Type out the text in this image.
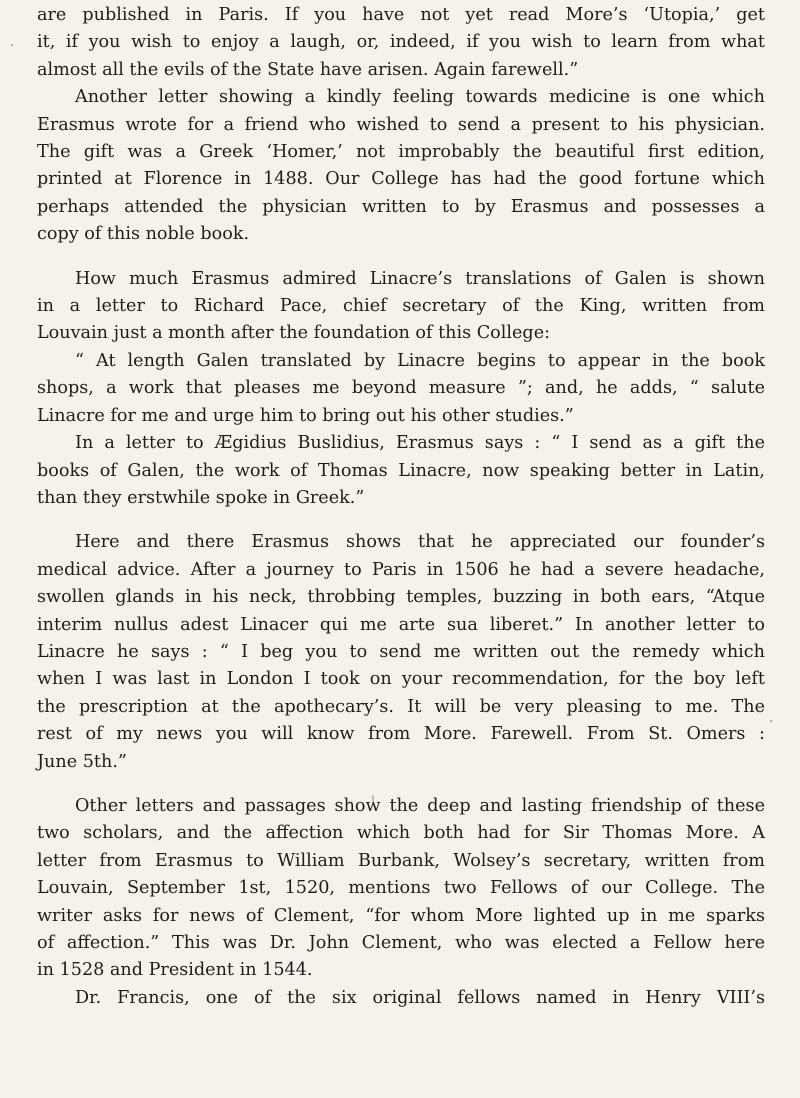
are published in Paris. If you have not yet read More’s ‘Utopia,’ get

it, if you wish to enjoy a laugh, or, indeed, if you wish to learn from what

almost all the evils of the State have arisen. Again farewell.”

Another letter showing a kindly feeling towards medicine is one which

Erasmus wrote for a friend who wished to send a present to his physician.

The gift was a Greek ‘Homer,’ not improbably the beautiful first edition,

printed at Florence in 1488. Our College has had the good fortune which

perhaps attended the physician written to by Erasmus and possesses a

copy of this noble book.

How much Erasmus admired Linacre’s translations of Galen is shown

in a letter to Richard Pace, chief secretary of the King, written from

Louvain just a month after the foundation of this College:

“ At length Galen translated by Linacre begins to appear in the book

shops, a work that pleases me beyond measure ”; and, he adds, “ salute

Linacre for me and urge him to bring out his other studies.”

In a letter to Ægidius Buslidius, Erasmus says : “ I send as a gift the

books of Galen, the work of Thomas Linacre, now speaking better in Latin,

than they erstwhile spoke in Greek.”

Here and there Erasmus shows that he appreciated our founder’s

medical advice. After a journey to Paris in 1506 he had a severe headache,

swollen glands in his neck, throbbing temples, buzzing in both ears, “Atque

interim nullus adest Linacer qui me arte sua liberet.” In another letter to

Linacre he says : “ I beg you to send me written out the remedy which

when I was last in London I took on your recommendation, for the boy left

the prescription at the apothecary’s. It will be very pleasing to me. The

rest of my news you will know from More. Farewell. From St. Omers :

June 5th.”

Other letters and passages show the deep and lasting friendship of these

two scholars, and the affection which both had for Sir Thomas More. A

letter from Erasmus to William Burbank, Wolsey’s secretary, written from

Louvain, September 1st, 1520, mentions two Fellows of our College. The

writer asks for news of Clement, “for whom More lighted up in me sparks

of affection.” This was Dr. John Clement, who was elected a Fellow here

in 1528 and President in 1544.

Dr. Francis, one of the six original fellows named in Henry VIII’s
